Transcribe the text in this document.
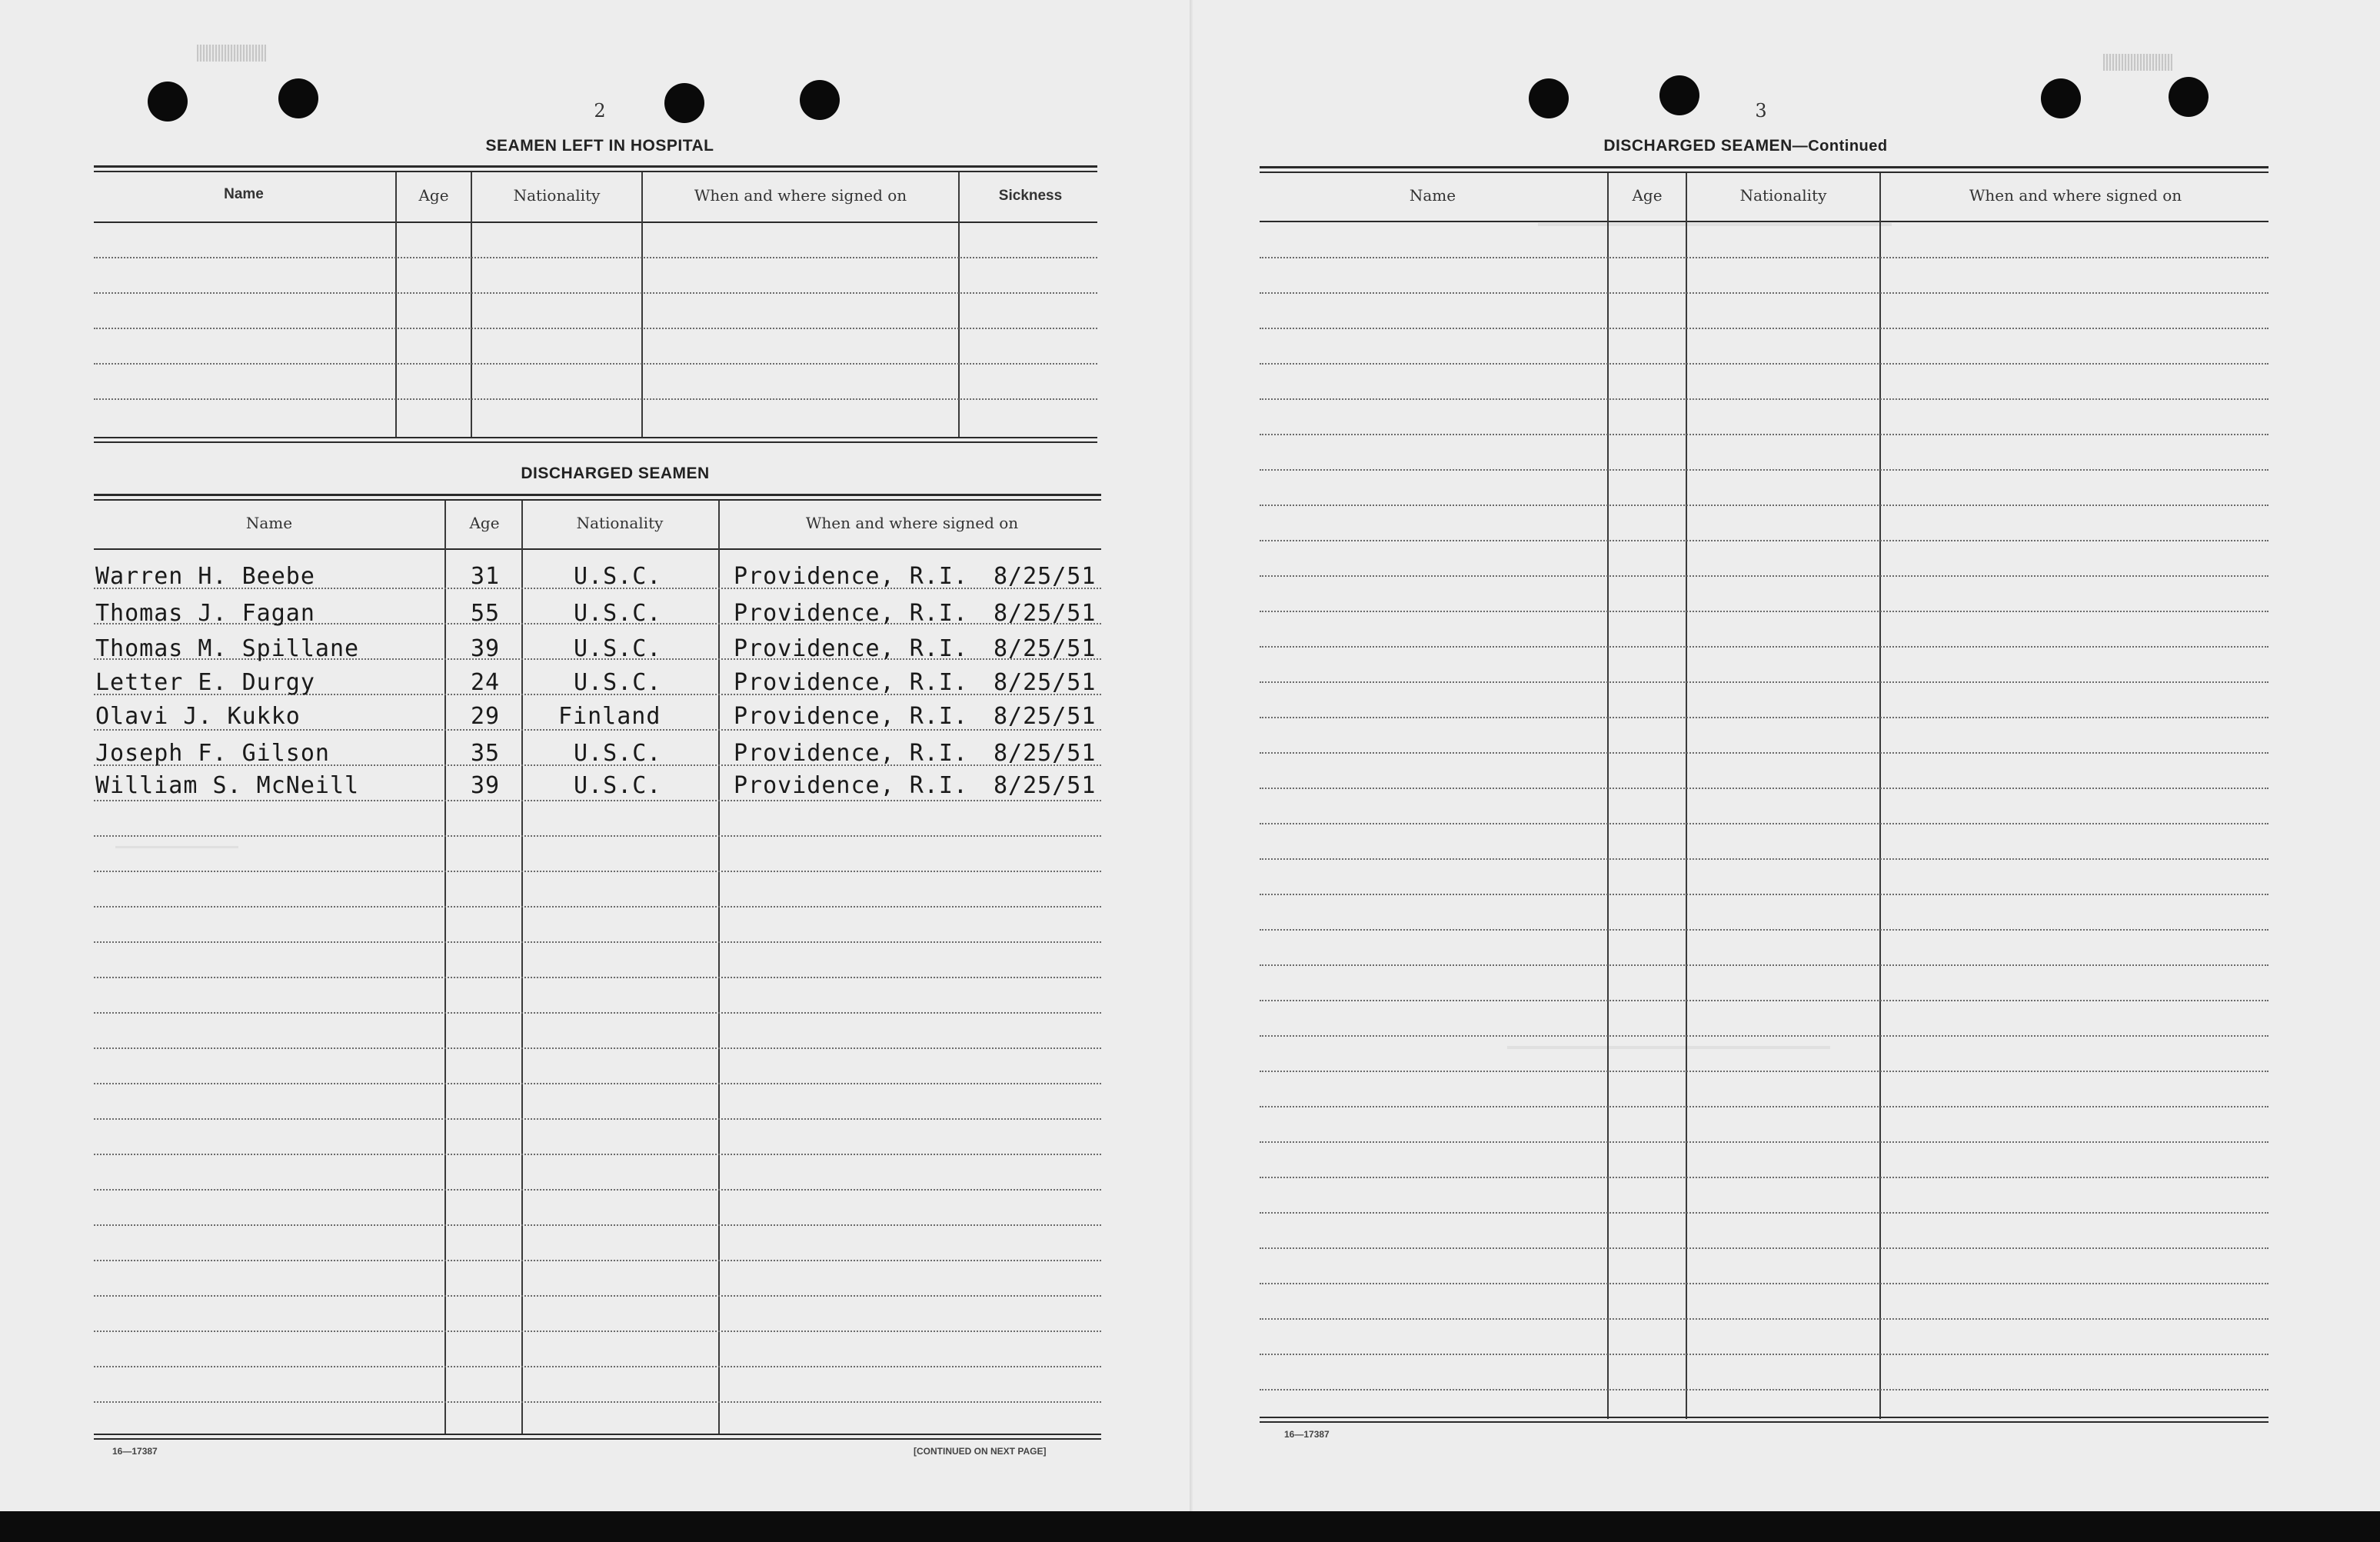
2
SEAMEN LEFT IN HOSPITAL
Name	Age	Nationality	When and where signed on	Sickness
DISCHARGED SEAMEN
Name	Age	Nationality	When and where signed on
Warren H. Beebe	31	U.S.C.	Providence, R.I. 8/25/51
Thomas J. Fagan	55	U.S.C.	Providence, R.I. 8/25/51
Thomas M. Spillane	39	U.S.C.	Providence, R.I. 8/25/51
Letter E. Durgy	24	U.S.C.	Providence, R.I. 8/25/51
Olavi J. Kukko	29	Finland	Providence, R.I. 8/25/51
Joseph F. Gilson	35	U.S.C.	Providence, R.I. 8/25/51
William S. McNeill	39	U.S.C.	Providence, R.I. 8/25/51
16—17387	[CONTINUED ON NEXT PAGE]
3
DISCHARGED SEAMEN—Continued
Name	Age	Nationality	When and where signed on
16—17387
